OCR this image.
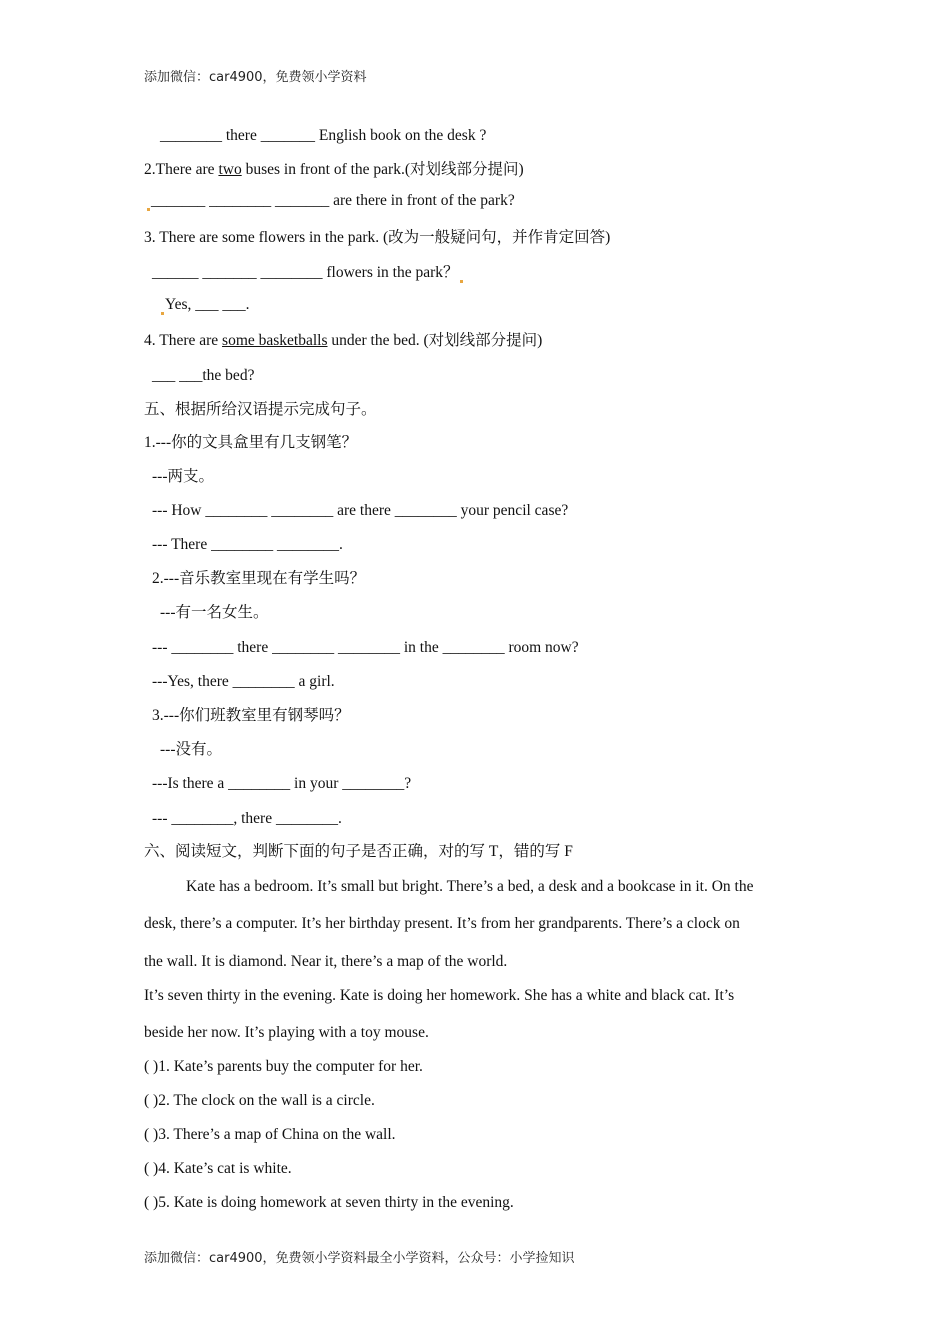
添加微信：car4900，免费领小学资料
________ there _______ English book on the desk ?
2.There are two buses in front of the park.(对划线部分提问)
_______ ________ _______ are there in front of the park?
3. There are some flowers in the park. (改为一般疑问句，并作肯定回答)
______ _______ ________ flowers in the park？
Yes, ___ ___.
4. There are some basketballs under the bed. (对划线部分提问)
___ ___the bed?
五、根据所给汉语提示完成句子。
1.---你的文具盒里有几支钢笔？
---两支。
--- How ________ ________ are there ________ your pencil case?
--- There ________ ________.
2.---音乐教室里现在有学生吗？
---有一名女生。
--- ________ there ________ ________ in the ________ room now?
---Yes, there ________ a girl.
3.---你们班教室里有钢琴吗？
---没有。
---Is there a ________ in your ________?
--- ________, there ________.
六、阅读短文，判断下面的句子是否正确，对的写 T，错的写 F
Kate has a bedroom. It’s small but bright. There’s a bed, a desk and a bookcase in it. On the
desk, there’s a computer. It’s her birthday present. It’s from her grandparents. There’s a clock on
the wall. It is diamond. Near it, there’s a map of the world.
It’s seven thirty in the evening. Kate is doing her homework. She has a white and black cat. It’s
beside her now. It’s playing with a toy mouse.
( )1. Kate’s parents buy the computer for her.
( )2. The clock on the wall is a circle.
( )3. There’s a map of China on the wall.
( )4. Kate’s cat is white.
( )5. Kate is doing homework at seven thirty in the evening.
添加微信：car4900，免费领小学资料最全小学资料，公众号：小学捡知识
